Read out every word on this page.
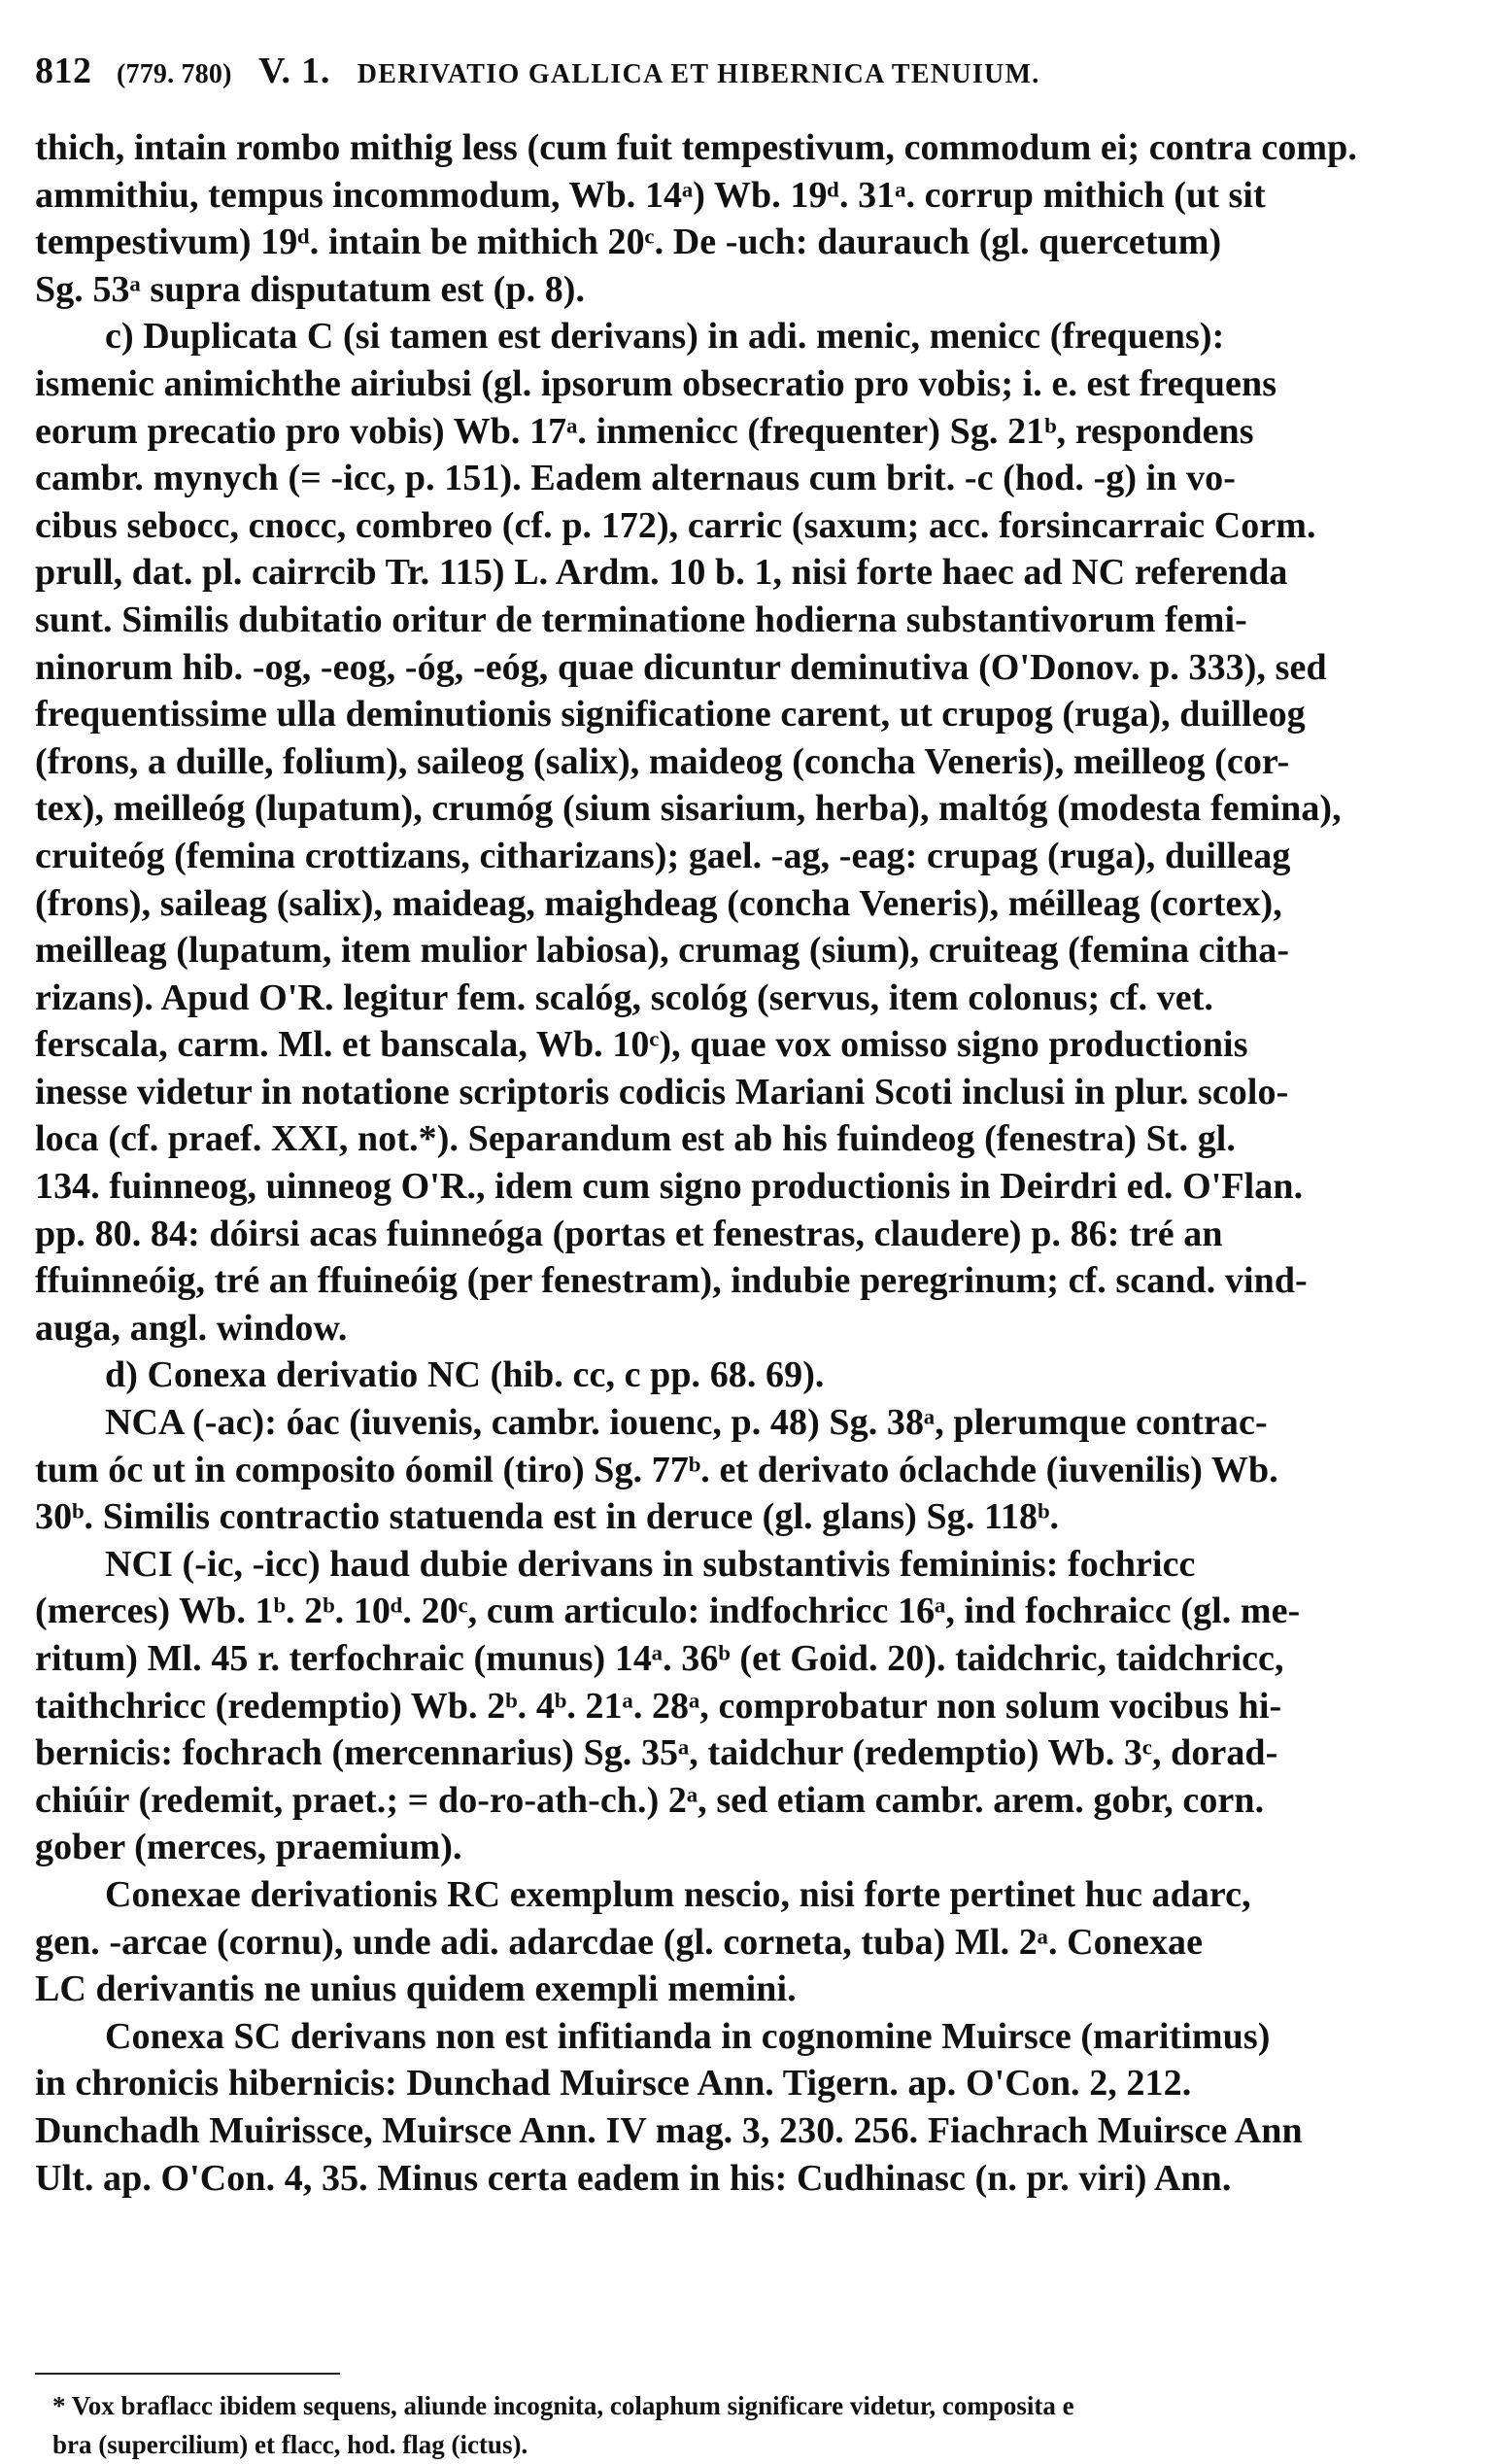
812 (779. 780) V. 1. DERIVATIO GALLICA ET HIBERNICA TENUIUM.
thich, intain rombo mithig less (cum fuit tempestivum, commodum ei; contra comp.
ammithiu, tempus incommodum, Wb. 14ᵃ) Wb. 19ᵈ. 31ᵃ. corrup mithich (ut sit
tempestivum) 19ᵈ. intain be mithich 20ᶜ. De -uch: daurauch (gl. quercetum)
Sg. 53ᵃ supra disputatum est (p. 8).
c) Duplicata C (si tamen est derivans) in adi. menic, menicc (frequens):
ismenic animichthe airiubsi (gl. ipsorum obsecratio pro vobis; i. e. est frequens
eorum precatio pro vobis) Wb. 17ᵃ. inmenicc (frequenter) Sg. 21ᵇ, respondens
cambr. mynych (= -icc, p. 151). Eadem alternaus cum brit. -c (hod. -g) in vo-
cibus sebocc, cnocc, combreo (cf. p. 172), carric (saxum; acc. forsincarraic Corm.
prull, dat. pl. cairrcib Tr. 115) L. Ardm. 10 b. 1, nisi forte haec ad NC referenda
sunt. Similis dubitatio oritur de terminatione hodierna substantivorum femi-
ninorum hib. -og, -eog, -óg, -eóg, quae dicuntur deminutiva (O'Donov. p. 333), sed
frequentissime ulla deminutionis significatione carent, ut crupog (ruga), duilleog
(frons, a duille, folium), saileog (salix), maideog (concha Veneris), meilleog (cor-
tex), meilleóg (lupatum), crumóg (sium sisarium, herba), maltóg (modesta femina),
cruiteóg (femina crottizans, citharizans); gael. -ag, -eag: crupag (ruga), duilleag
(frons), saileag (salix), maideag, maighdeag (concha Veneris), méilleag (cortex),
meilleag (lupatum, item mulior labiosa), crumag (sium), cruiteag (femina citha-
rizans). Apud O'R. legitur fem. scalóg, scológ (servus, item colonus; cf. vet.
ferscala, carm. Ml. et banscala, Wb. 10ᶜ), quae vox omisso signo productionis
inesse videtur in notatione scriptoris codicis Mariani Scoti inclusi in plur. scolo-
loca (cf. praef. XXI, not.*). Separandum est ab his fuindeog (fenestra) St. gl.
134. fuinneog, uinneog O'R., idem cum signo productionis in Deirdri ed. O'Flan.
pp. 80. 84: dóirsi acas fuinneóga (portas et fenestras, claudere) p. 86: tré an
ffuinneóig, tré an ffuineóig (per fenestram), indubie peregrinum; cf. scand. vind-
auga, angl. window.
d) Conexa derivatio NC (hib. cc, c pp. 68. 69).
NCA (-ac): óac (iuvenis, cambr. iouenc, p. 48) Sg. 38ᵃ, plerumque contrac-
tum óc ut in composito óomil (tiro) Sg. 77ᵇ. et derivato óclachde (iuvenilis) Wb.
30ᵇ. Similis contractio statuenda est in deruce (gl. glans) Sg. 118ᵇ.
NCI (-ic, -icc) haud dubie derivans in substantivis femininis: fochricc
(merces) Wb. 1ᵇ. 2ᵇ. 10ᵈ. 20ᶜ, cum articulo: indfochricc 16ᵃ, ind fochraicc (gl. me-
ritum) Ml. 45 r. terfochraic (munus) 14ᵃ. 36ᵇ (et Goid. 20). taidchric, taidchricc,
taithchricc (redemptio) Wb. 2ᵇ. 4ᵇ. 21ᵃ. 28ᵃ, comprobatur non solum vocibus hi-
bernicis: fochrach (mercennarius) Sg. 35ᵃ, taidchur (redemptio) Wb. 3ᶜ, dorad-
chiúir (redemit, praet.; = do-ro-ath-ch.) 2ᵃ, sed etiam cambr. arem. gobr, corn.
gober (merces, praemium).
Conexae derivationis RC exemplum nescio, nisi forte pertinet huc adarc,
gen. -arcae (cornu), unde adi. adarcdae (gl. corneta, tuba) Ml. 2ᵃ. Conexae
LC derivantis ne unius quidem exempli memini.
Conexa SC derivans non est infitianda in cognomine Muirsce (maritimus)
in chronicis hibernicis: Dunchad Muirsce Ann. Tigern. ap. O'Con. 2, 212.
Dunchadh Muirissce, Muirsce Ann. IV mag. 3, 230. 256. Fiachrach Muirsce Ann
Ult. ap. O'Con. 4, 35. Minus certa eadem in his: Cudhinasc (n. pr. viri) Ann.
* Vox braflacc ibidem sequens, aliunde incognita, colaphum significare videtur, composita e
bra (supercilium) et flacc, hod. flag (ictus).
